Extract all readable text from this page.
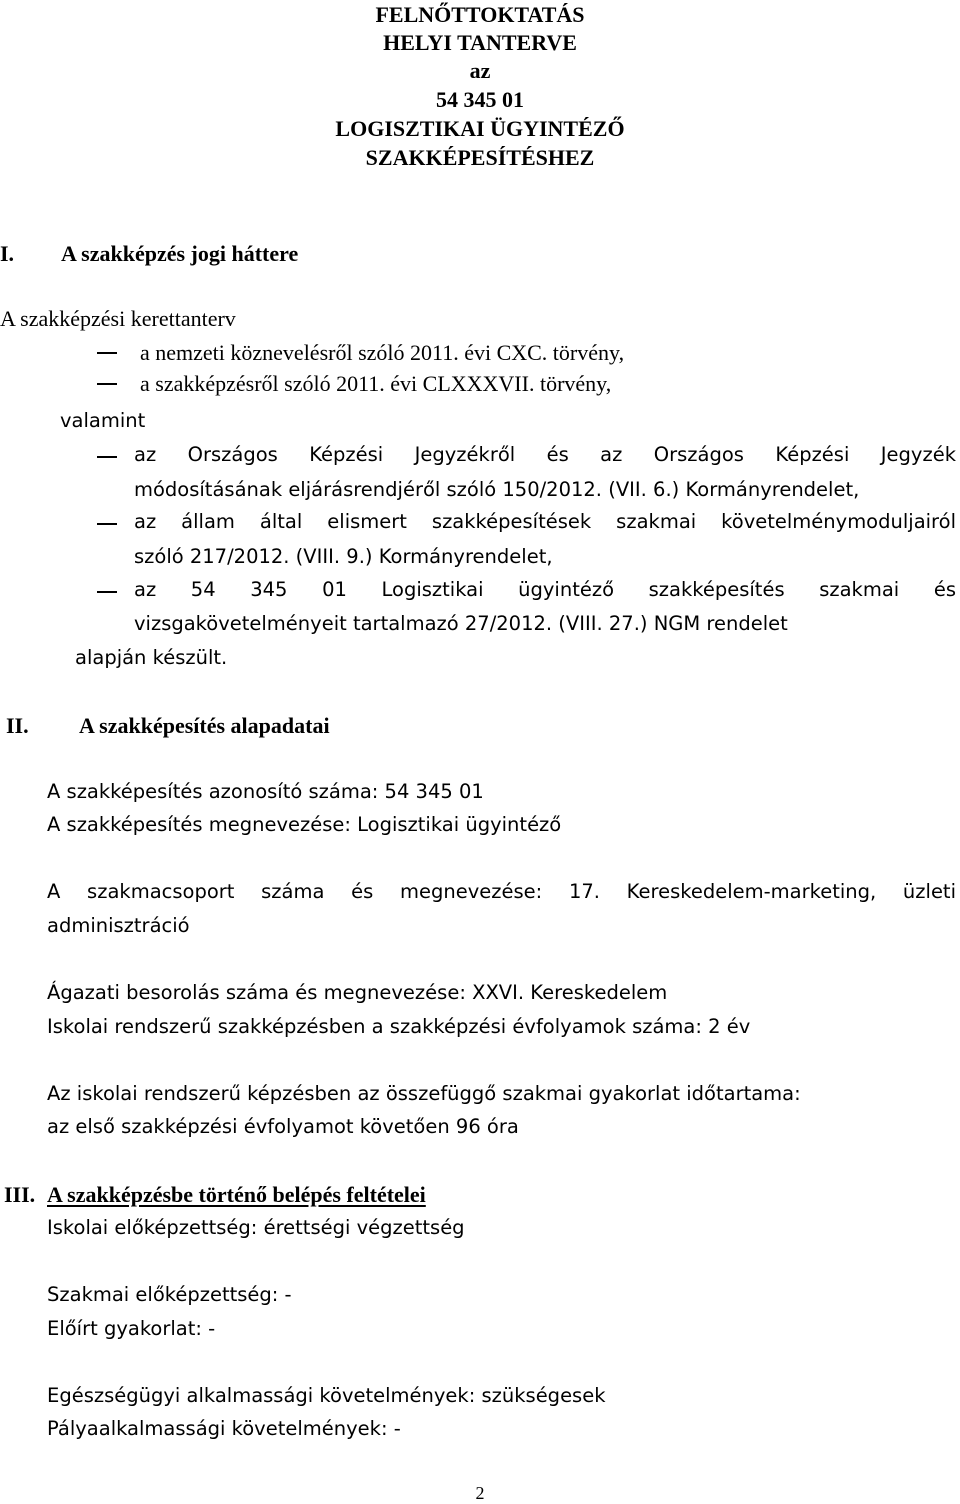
FELNŐTTOKTATÁS
HELYI TANTERVE
az
54 345 01
LOGISZTIKAI ÜGYINTÉZŐ
SZAKKÉPESÍTÉSHEZ
I. A szakképzés jogi háttere
A szakképzési kerettanterv
a nemzeti köznevelésről szóló 2011. évi CXC. törvény,
a szakképzésről szóló 2011. évi CLXXXVII. törvény,
valamint
az Országos Képzési Jegyzékről és az Országos Képzési Jegyzék
módosításának eljárásrendjéről szóló 150/2012. (VII. 6.) Kormányrendelet,
az állam által elismert szakképesítések szakmai követelménymoduljairól
szóló 217/2012. (VIII. 9.) Kormányrendelet,
az 54 345 01 Logisztikai ügyintéző szakképesítés szakmai és
vizsgakövetelményeit tartalmazó 27/2012. (VIII. 27.) NGM rendelet
alapján készült.
II. A szakképesítés alapadatai
A szakképesítés azonosító száma: 54 345 01
A szakképesítés megnevezése: Logisztikai ügyintéző
A szakmacsoport száma és megnevezése: 17. Kereskedelem-marketing, üzleti
adminisztráció
Ágazati besorolás száma és megnevezése: XXVI. Kereskedelem
Iskolai rendszerű szakképzésben a szakképzési évfolyamok száma: 2 év
Az iskolai rendszerű képzésben az összefüggő szakmai gyakorlat időtartama:
az első szakképzési évfolyamot követően 96 óra
III. A szakképzésbe történő belépés feltételei
Iskolai előképzettség: érettségi végzettség
Szakmai előképzettség: -
Előírt gyakorlat: -
Egészségügyi alkalmassági követelmények: szükségesek
Pályaalkalmassági követelmények: -
2
